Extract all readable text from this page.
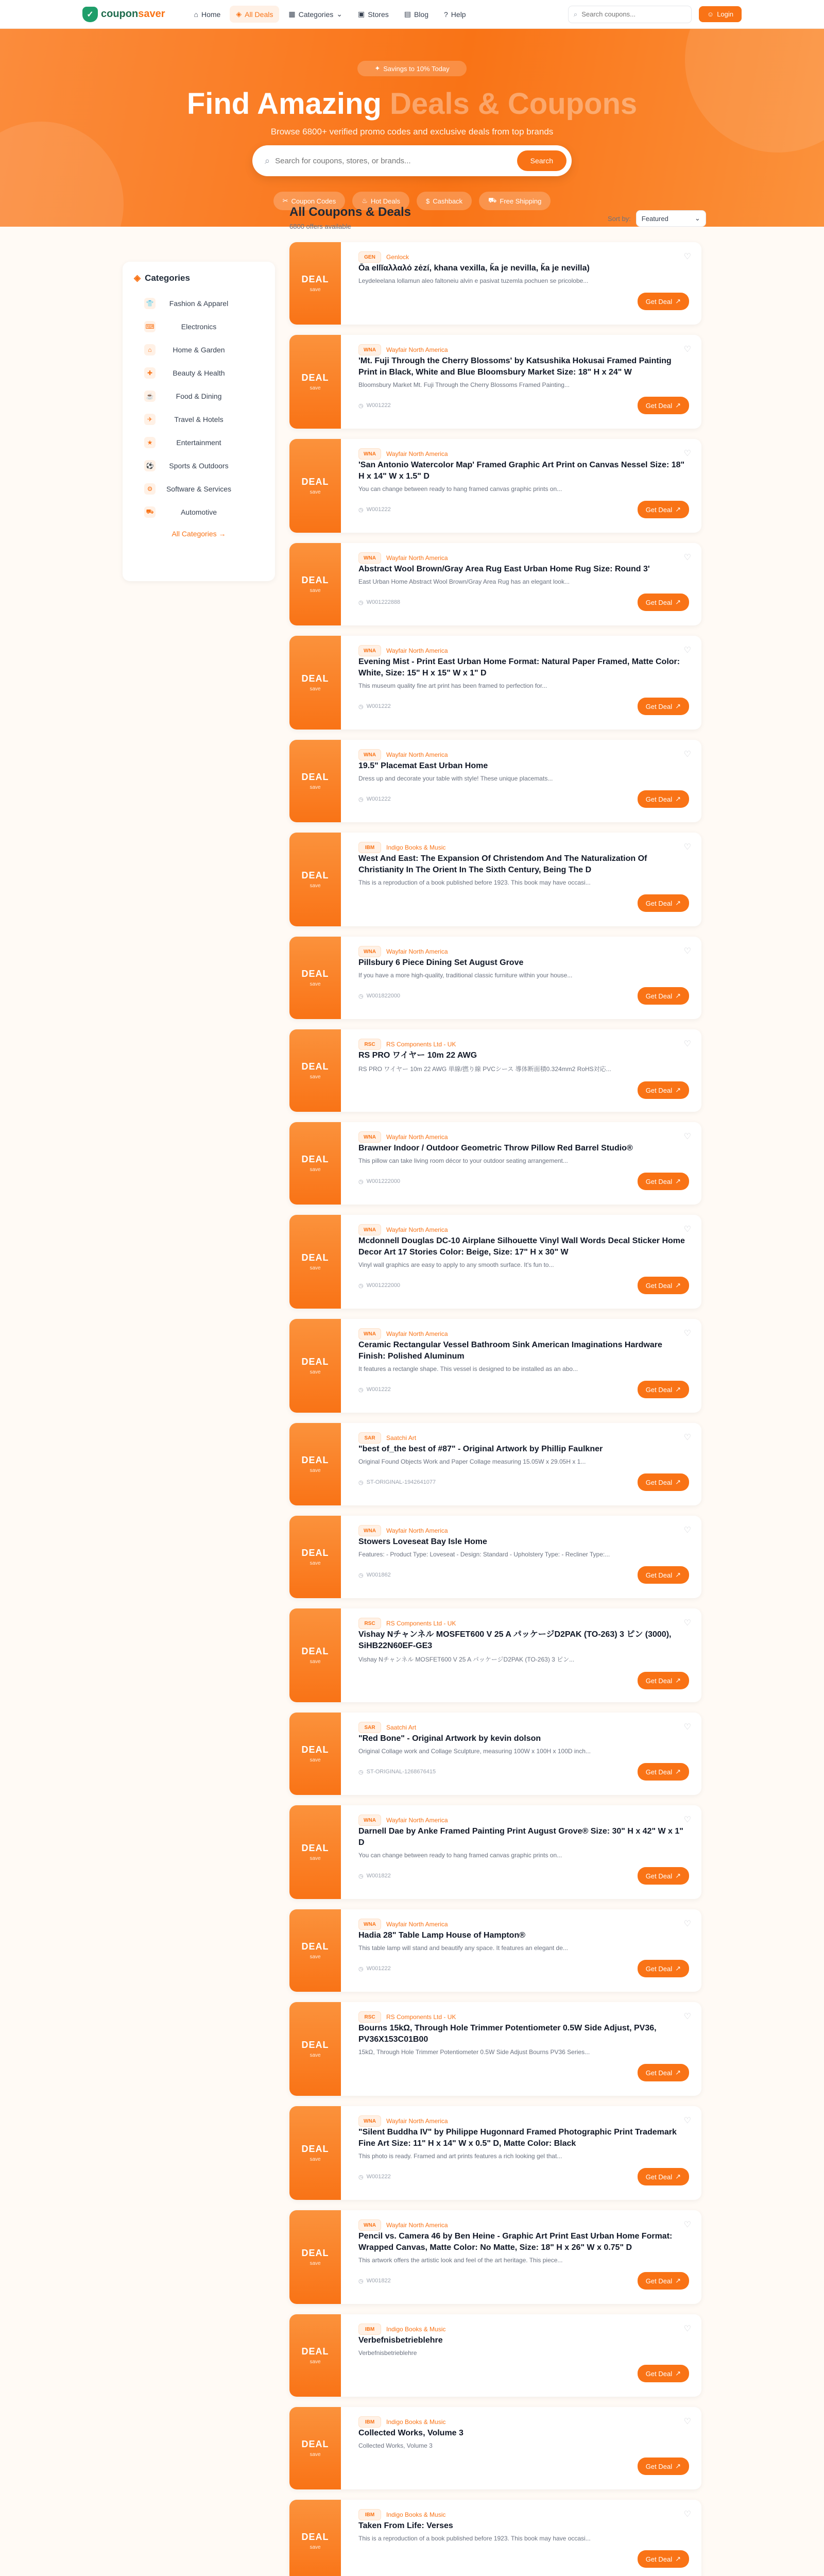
✓ couponsaver	⌂ Home ◈ All Deals ▦ Categories ⌄ ▣ Stores ▤ Blog ? Help	⌕
Search coupons...	☺ Login
✦ Savings to 10% Today
Find Amazing Deals & Coupons
Browse 6800+ verified promo codes and exclusive deals from top brands
⌕
Search for coupons, stores, or brands...	Search
✂ Coupon Codes	♨ Hot Deals	$ Cashback	⛟ Free Shipping
◈ Categories
👕	Fashion & Apparel
⌨	Electronics
⌂	Home & Garden
✚	Beauty & Health
☕	Food & Dining
✈	Travel & Hotels
★	Entertainment
⚽	Sports & Outdoors
⚙	Software & Services
⛟	Automotive
All Categories →
All Coupons & Deals
6800 offers available
Sort by: Featured	⌄
DEAL
save
GEN	Genlock	♡
Ōa ellĭαλλαλό zėzí, khana vexilla, ǩa je nevilla, ǩa je nevilla)
Leydeleelana lollamun aleo faltoneiu alvin e pasivat tuzemla pochuen se pricolobe...
Get Deal ↗
DEAL
save
WNA	Wayfair North America	♡
'Mt. Fuji Through the Cherry Blossoms' by Katsushika Hokusai Framed Painting Print in Black, White and Blue Bloomsbury Market Size: 18" H x 24" W
Bloomsbury Market Mt. Fuji Through the Cherry Blossoms Framed Painting...
◷ W001222	Get Deal ↗
DEAL
save
WNA	Wayfair North America	♡
'San Antonio Watercolor Map' Framed Graphic Art Print on Canvas Nessel Size: 18" H x 14" W x 1.5" D
You can change between ready to hang framed canvas graphic prints on...
◷ W001222	Get Deal ↗
DEAL
save
WNA	Wayfair North America	♡
Abstract Wool Brown/Gray Area Rug East Urban Home Rug Size: Round 3'
East Urban Home Abstract Wool Brown/Gray Area Rug has an elegant look...
◷ W001222888	Get Deal ↗
DEAL
save
WNA	Wayfair North America	♡
Evening Mist - Print East Urban Home Format: Natural Paper Framed, Matte Color: White, Size: 15" H x 15" W x 1" D
This museum quality fine art print has been framed to perfection for...
◷ W001222	Get Deal ↗
DEAL
save
WNA	Wayfair North America	♡
19.5" Placemat East Urban Home
Dress up and decorate your table with style! These unique placemats...
◷ W001222	Get Deal ↗
DEAL
save
IBM	Indigo Books & Music	♡
West And East: The Expansion Of Christendom And The Naturalization Of Christianity In The Orient In The Sixth Century, Being The D
This is a reproduction of a book published before 1923. This book may have occasi...
Get Deal ↗
DEAL
save
WNA	Wayfair North America	♡
Pillsbury 6 Piece Dining Set August Grove
If you have a more high-quality, traditional classic furniture within your house...
◷ W001822000	Get Deal ↗
DEAL
save
RSC	RS Components Ltd - UK	♡
RS PRO ワイヤー 10m 22 AWG
RS PRO ワイヤー 10m 22 AWG 単線/撚り線 PVCシース 導体断面積0.324mm2 RoHS対応...
Get Deal ↗
DEAL
save
WNA	Wayfair North America	♡
Brawner Indoor / Outdoor Geometric Throw Pillow Red Barrel Studio®
This pillow can take living room décor to your outdoor seating arrangement...
◷ W001222000	Get Deal ↗
DEAL
save
WNA	Wayfair North America	♡
Mcdonnell Douglas DC-10 Airplane Silhouette Vinyl Wall Words Decal Sticker Home Decor Art 17 Stories Color: Beige, Size: 17" H x 30" W
Vinyl wall graphics are easy to apply to any smooth surface. It's fun to...
◷ W001222000	Get Deal ↗
DEAL
save
WNA	Wayfair North America	♡
Ceramic Rectangular Vessel Bathroom Sink American Imaginations Hardware Finish: Polished Aluminum
It features a rectangle shape. This vessel is designed to be installed as an abo...
◷ W001222	Get Deal ↗
DEAL
save
SAR	Saatchi Art	♡
"best of_the best of #87" - Original Artwork by Phillip Faulkner
Original Found Objects Work and Paper Collage measuring 15.05W x 29.05H x 1...
◷ ST-ORIGINAL-1942641077	Get Deal ↗
DEAL
save
WNA	Wayfair North America	♡
Stowers Loveseat Bay Isle Home
Features: - Product Type: Loveseat - Design: Standard - Upholstery Type: - Recliner Type:...
◷ W001862	Get Deal ↗
DEAL
save
RSC	RS Components Ltd - UK	♡
Vishay Nチャンネル MOSFET600 V 25 A パッケージD2PAK (TO-263) 3 ピン (3000), SiHB22N60EF-GE3
Vishay Nチャンネル MOSFET600 V 25 A パッケージD2PAK (TO-263) 3 ピン...
Get Deal ↗
DEAL
save
SAR	Saatchi Art	♡
"Red Bone" - Original Artwork by kevin dolson
Original Collage work and Collage Sculpture, measuring 100W x 100H x 100D inch...
◷ ST-ORIGINAL-1268676415	Get Deal ↗
DEAL
save
WNA	Wayfair North America	♡
Darnell Dae by Anke Framed Painting Print August Grove® Size: 30" H x 42" W x 1" D
You can change between ready to hang framed canvas graphic prints on...
◷ W001822	Get Deal ↗
DEAL
save
WNA	Wayfair North America	♡
Hadia 28" Table Lamp House of Hampton®
This table lamp will stand and beautify any space. It features an elegant de...
◷ W001222	Get Deal ↗
DEAL
save
RSC	RS Components Ltd - UK	♡
Bourns 15kΩ, Through Hole Trimmer Potentiometer 0.5W Side Adjust, PV36, PV36X153C01B00
15kΩ, Through Hole Trimmer Potentiometer 0.5W Side Adjust Bourns PV36 Series...
Get Deal ↗
DEAL
save
WNA	Wayfair North America	♡
"Silent Buddha IV" by Philippe Hugonnard Framed Photographic Print Trademark Fine Art Size: 11" H x 14" W x 0.5" D, Matte Color: Black
This photo is ready. Framed and art prints features a rich looking gel that...
◷ W001222	Get Deal ↗
DEAL
save
WNA	Wayfair North America	♡
Pencil vs. Camera 46 by Ben Heine - Graphic Art Print East Urban Home Format: Wrapped Canvas, Matte Color: No Matte, Size: 18" H x 26" W x 0.75" D
This artwork offers the artistic look and feel of the art heritage. This piece...
◷ W001822	Get Deal ↗
DEAL
save
IBM	Indigo Books & Music	♡
Verbefnisbetrieblehre
Verbefnisbetrieblehre
Get Deal ↗
DEAL
save
IBM	Indigo Books & Music	♡
Collected Works, Volume 3
Collected Works, Volume 3
Get Deal ↗
DEAL
save
IBM	Indigo Books & Music	♡
Taken From Life: Verses
This is a reproduction of a book published before 1923. This book may have occasi...
Get Deal ↗
